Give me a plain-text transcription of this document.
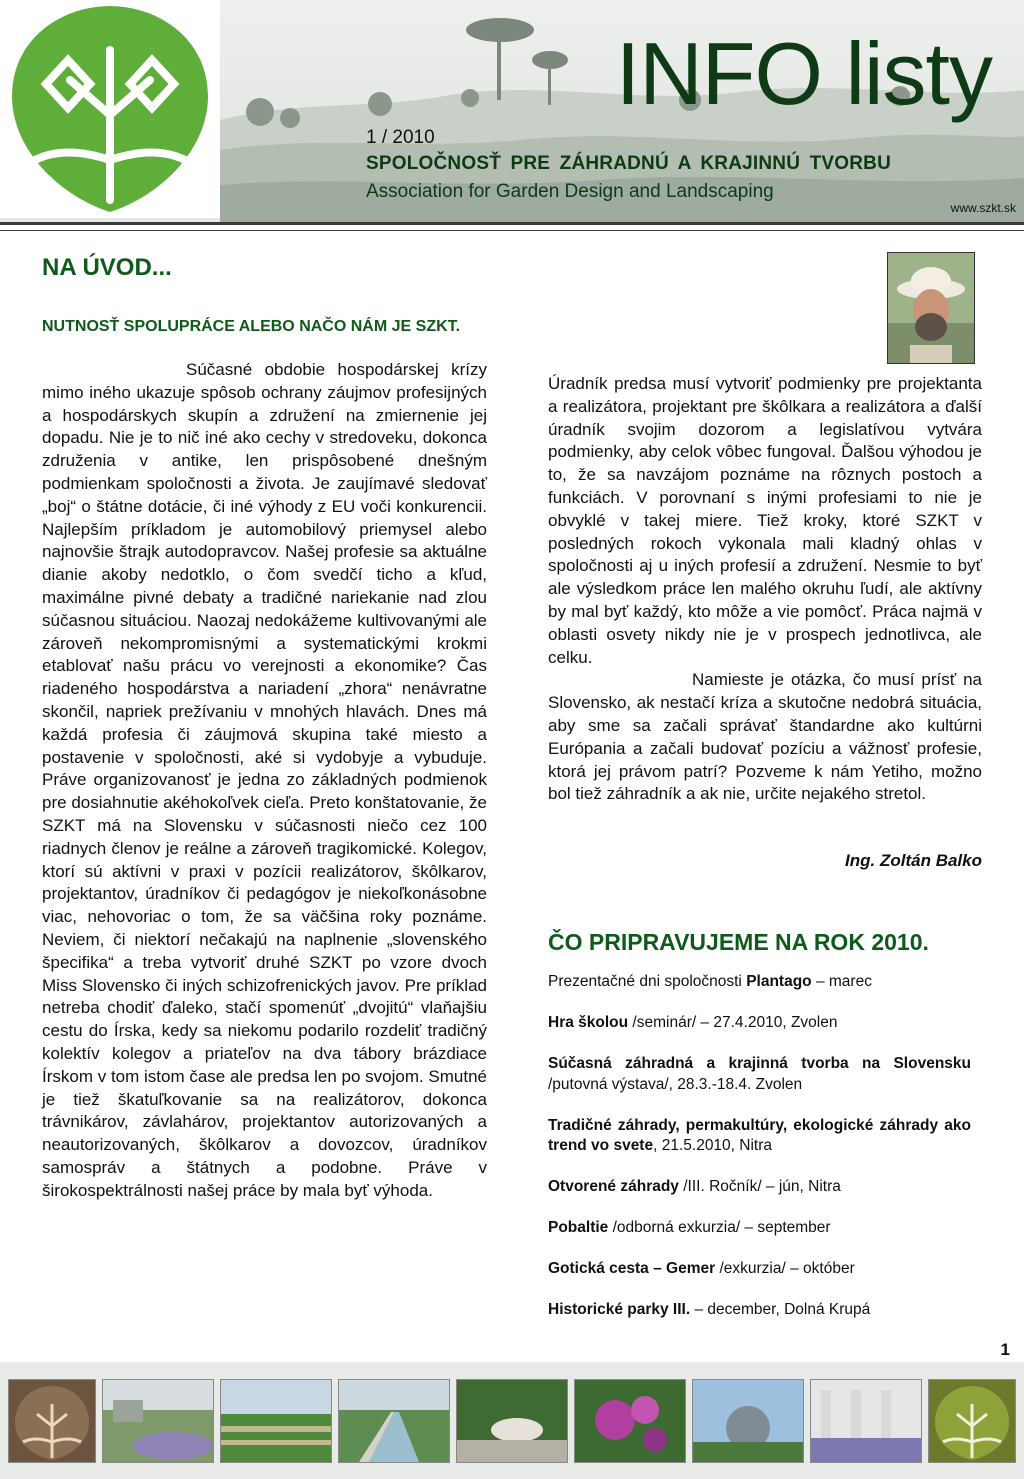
INFO listy
1 / 2010
SPOLOČNOSŤ PRE ZÁHRADNÚ A KRAJINNÚ TVORBU
Association for Garden Design and Landscaping
www.szkt.sk
NA ÚVOD...
NUTNOSŤ SPOLUPRÁCE ALEBO NAČO NÁM JE SZKT.

Súčasné obdobie hospodárskej krízy mimo iného ukazuje spôsob ochrany záujmov profesijných a hospodárskych skupín a združení na zmiernenie jej dopadu. Nie je to nič iné ako cechy v stredoveku, dokonca združenia v antike, len prispôsobené dnešným podmienkam spoločnosti a života. Je zaujímavé sledovať „boj“ o štátne dotácie, či iné výhody z EU voči konkurencii. Najlepším príkladom je automobilový priemysel alebo najnovšie štrajk autodopravcov. Našej profesie sa aktuálne dianie akoby nedotklo, o čom svedčí ticho a kľud, maximálne pivné debaty a tradičné nariekanie nad zlou súčasnou situáciou. Naozaj nedokážeme kultivovanými ale zároveň nekompromisnými a systematickými krokmi etablovať našu prácu vo verejnosti a ekonomike? Čas riadeného hospodárstva a nariadení „zhora“ nenávratne skončil, napriek prežívaniu v mnohých hlavách. Dnes má každá profesia či záujmová skupina také miesto a postavenie v spoločnosti, aké si vydobyje a vybuduje. Práve organizovanosť je jedna zo základných podmienok pre dosiahnutie akéhokoľvek cieľa. Preto konštatovanie, že SZKT má na Slovensku v súčasnosti niečo cez 100 riadnych členov je reálne a zároveň tragikomické. Kolegov, ktorí sú aktívni v praxi v pozícii realizátorov, škôlkarov, projektantov, úradníkov či pedagógov je niekoľkonásobne viac, nehovoriac o tom, že sa väčšina roky poznáme. Neviem, či niektorí nečakajú na naplnenie „slovenského špecifika“ a treba vytvoriť druhé SZKT po vzore dvoch Miss Slovensko či iných schizofrenických javov. Pre príklad netreba chodiť ďaleko, stačí spomenúť „dvojitú“ vlaňajšiu cestu do Írska, kedy sa niekomu podarilo rozdeliť tradičný kolektív kolegov a priateľov na dva tábory brázdiace Írskom v tom istom čase ale predsa len po svojom. Smutné je tiež škatuľkovanie sa na realizátorov, dokonca trávnikárov, závlahárov, projektantov autorizovaných a neautorizovaných, škôlkarov a dovozcov, úradníkov samospráv a štátnych a podobne. Práve v širokospektrálnosti našej práce by mala byť výhoda.

Úradník predsa musí vytvoriť podmienky pre projektanta a realizátora, projektant pre škôlkara a realizátora a ďalší úradník svojim dozorom a legislatívou vytvára podmienky, aby celok vôbec fungoval. Ďalšou výhodou je to, že sa navzájom poznáme na rôznych postoch a funkciách. V porovnaní s inými profesiami to nie je obvyklé v takej miere. Tiež kroky, ktoré SZKT v posledných rokoch vykonala mali kladný ohlas v spoločnosti aj u iných profesií a združení. Nesmie to byť ale výsledkom práce len malého okruhu ľudí, ale aktívny by mal byť každý, kto môže a vie pomôcť. Práca najmä v oblasti osvety nikdy nie je v prospech jednotlivca, ale celku.

Namieste je otázka, čo musí prísť na Slovensko, ak nestačí kríza a skutočne nedobrá situácia, aby sme sa začali správať štandardne ako kultúrni Európania a začali budovať pozíciu a vážnosť profesie, ktorá jej právom patrí? Pozveme k nám Yetiho, možno bol tiež záhradník a ak nie, určite nejakého stretol.

Ing. Zoltán Balko
ČO PRIPRAVUJEME NA ROK 2010.

Prezentačné dni spoločnosti Plantago – marec

Hra školou /seminár/ – 27.4.2010, Zvolen

Súčasná záhradná a krajinná tvorba na Slovensku /putovná výstava/, 28.3.-18.4. Zvolen

Tradičné záhrady, permakultúry, ekologické záhrady ako trend vo svete, 21.5.2010, Nitra

Otvorené záhrady /III. Ročník/ – jún, Nitra

Pobaltie /odborná exkurzia/ – september

Gotická cesta – Gemer /exkurzia/ – október

Historické parky III. – december, Dolná Krupá

1
